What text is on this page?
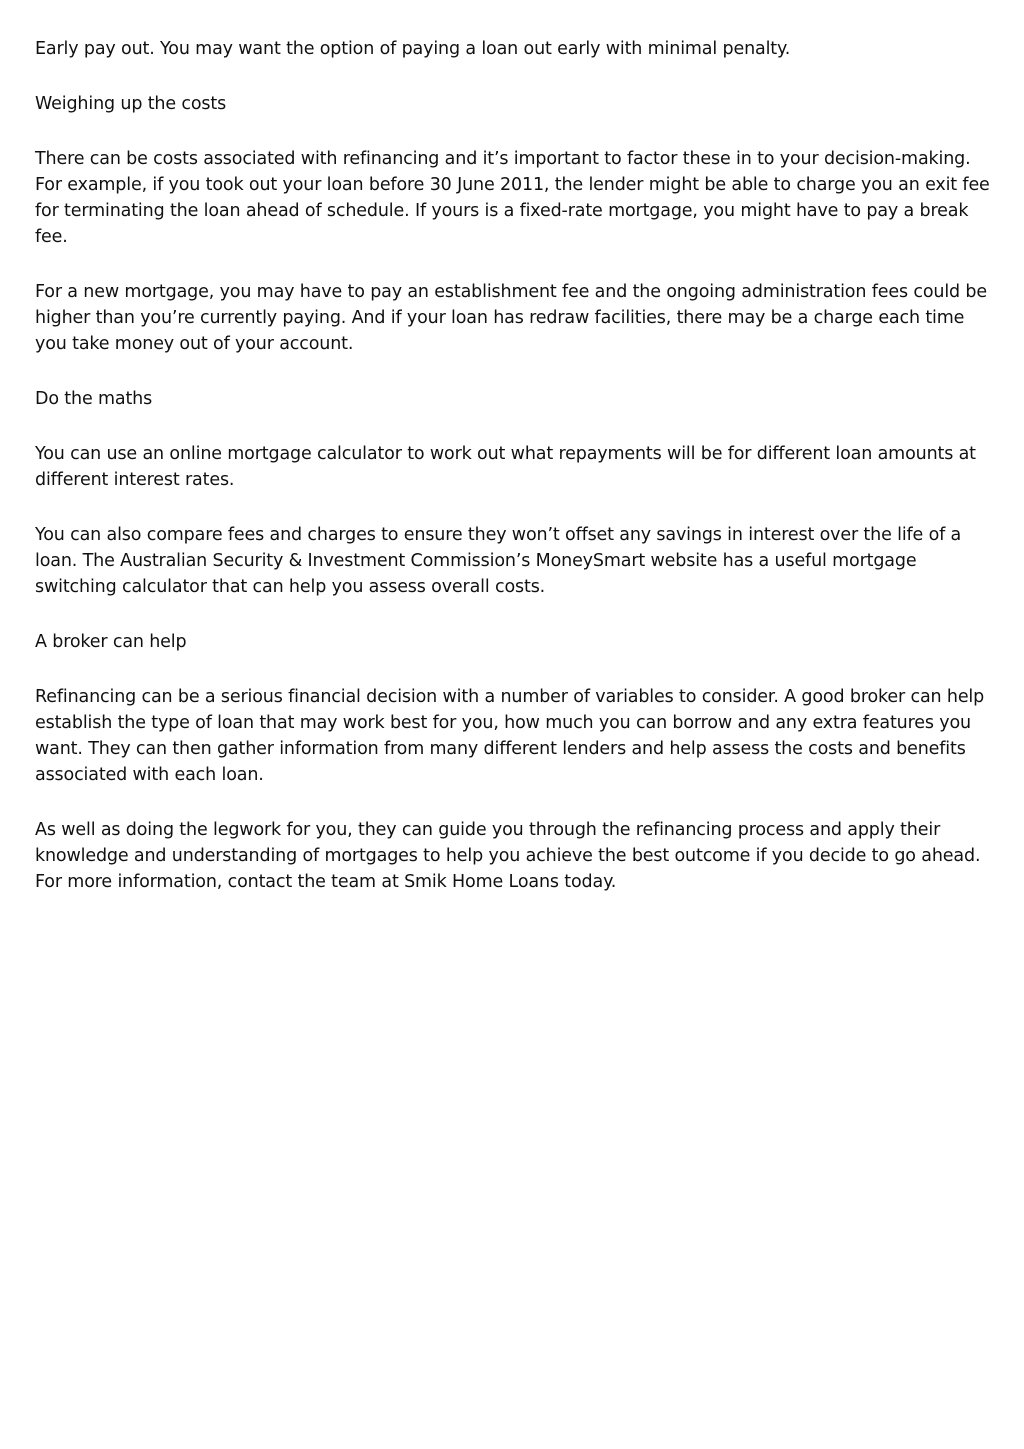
Early pay out. You may want the option of paying a loan out early with minimal penalty.

Weighing up the costs

There can be costs associated with refinancing and it’s important to factor these in to your decision-making. For example, if you took out your loan before 30 June 2011, the lender might be able to charge you an exit fee for terminating the loan ahead of schedule. If yours is a fixed-rate mortgage, you might have to pay a break fee.

For a new mortgage, you may have to pay an establishment fee and the ongoing administration fees could be higher than you’re currently paying. And if your loan has redraw facilities, there may be a charge each time you take money out of your account.

Do the maths

You can use an online mortgage calculator to work out what repayments will be for different loan amounts at different interest rates.

You can also compare fees and charges to ensure they won’t offset any savings in interest over the life of a loan. The Australian Security & Investment Commission’s MoneySmart website has a useful mortgage switching calculator that can help you assess overall costs.

A broker can help

Refinancing can be a serious financial decision with a number of variables to consider. A good broker can help establish the type of loan that may work best for you, how much you can borrow and any extra features you want. They can then gather information from many different lenders and help assess the costs and benefits associated with each loan.

As well as doing the legwork for you, they can guide you through the refinancing process and apply their knowledge and understanding of mortgages to help you achieve the best outcome if you decide to go ahead. For more information, contact the team at Smik Home Loans today.
